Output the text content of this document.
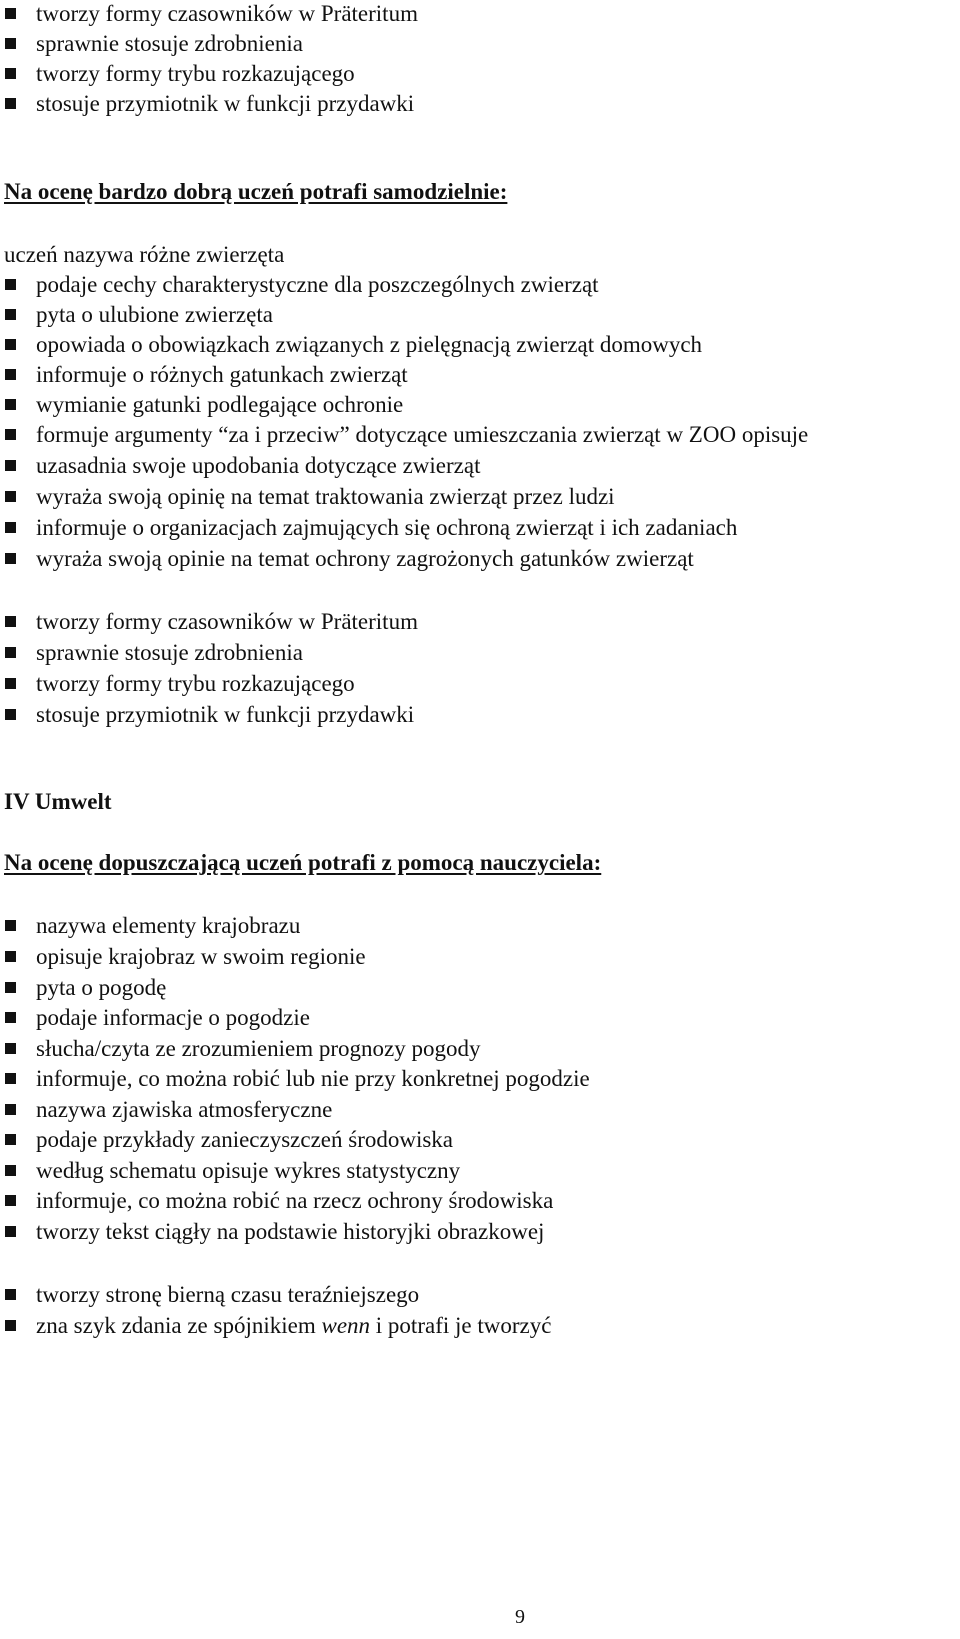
tworzy formy czasowników w Präteritum
sprawnie stosuje zdrobnienia
tworzy formy trybu rozkazującego
stosuje przymiotnik w funkcji przydawki
Na ocenę bardzo dobrą uczeń potrafi samodzielnie:
uczeń nazywa różne zwierzęta
podaje cechy charakterystyczne dla poszczególnych zwierząt
pyta o ulubione zwierzęta
opowiada o obowiązkach związanych z pielęgnacją zwierząt domowych
informuje o różnych gatunkach zwierząt
wymianie gatunki podlegające ochronie
formuje argumenty “za i przeciw” dotyczące umieszczania zwierząt w ZOO opisuje
uzasadnia swoje upodobania dotyczące zwierząt
wyraża swoją opinię na temat traktowania zwierząt przez ludzi
informuje o organizacjach zajmujących się ochroną zwierząt i ich zadaniach
wyraża swoją opinie na temat ochrony zagrożonych gatunków zwierząt
tworzy formy czasowników w Präteritum
sprawnie stosuje zdrobnienia
tworzy formy trybu rozkazującego
stosuje przymiotnik w funkcji przydawki
IV Umwelt
Na ocenę dopuszczającą uczeń potrafi z pomocą nauczyciela:
nazywa elementy krajobrazu
opisuje krajobraz w swoim regionie
pyta o pogodę
podaje informacje o pogodzie
słucha/czyta ze zrozumieniem prognozy pogody
informuje, co można robić lub nie przy konkretnej pogodzie
nazywa zjawiska atmosferyczne
podaje przykłady zanieczyszczeń środowiska
według schematu opisuje wykres statystyczny
informuje, co można robić na rzecz ochrony środowiska
tworzy tekst ciągły na podstawie historyjki obrazkowej
tworzy stronę bierną czasu teraźniejszego
zna szyk zdania ze spójnikiem wenn i potrafi je tworzyć
9
